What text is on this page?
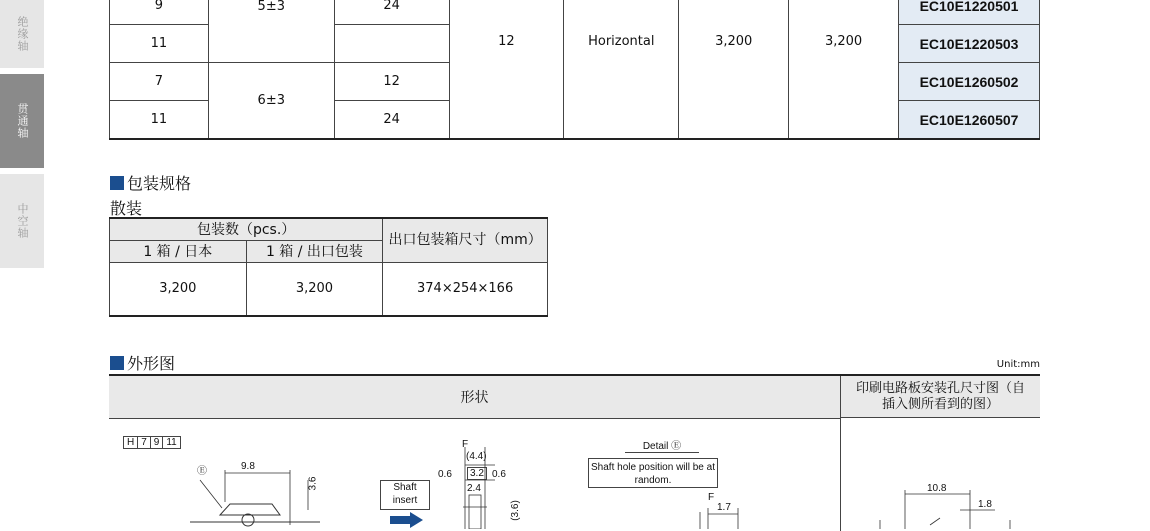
绝缘轴
贯通轴
中空轴
9	5±3	24	12	Horizontal	3,200	3,200	EC10E1220501
11							EC10E1220503
7	6±3	12					EC10E1260502
11		24					EC10E1260507
包装规格
散装
包装数（pcs.）		出口包装箱尺寸（mm）
1 箱 / 日本	1 箱 / 出口包装	
3,200	3,200	374×254×166
外形图	Unit:mm
形状
印刷电路板安装孔尺寸图（自插入侧所看到的图）
H 7 9 11
Ⓔ	9.8
3.6	Shaft insert
F
(4.4)
0.6	3.2 0.6
2.4
(3.6)
Detail Ⓔ
Shaft hole position will be at random.
F
1.7
10.8
1.8
